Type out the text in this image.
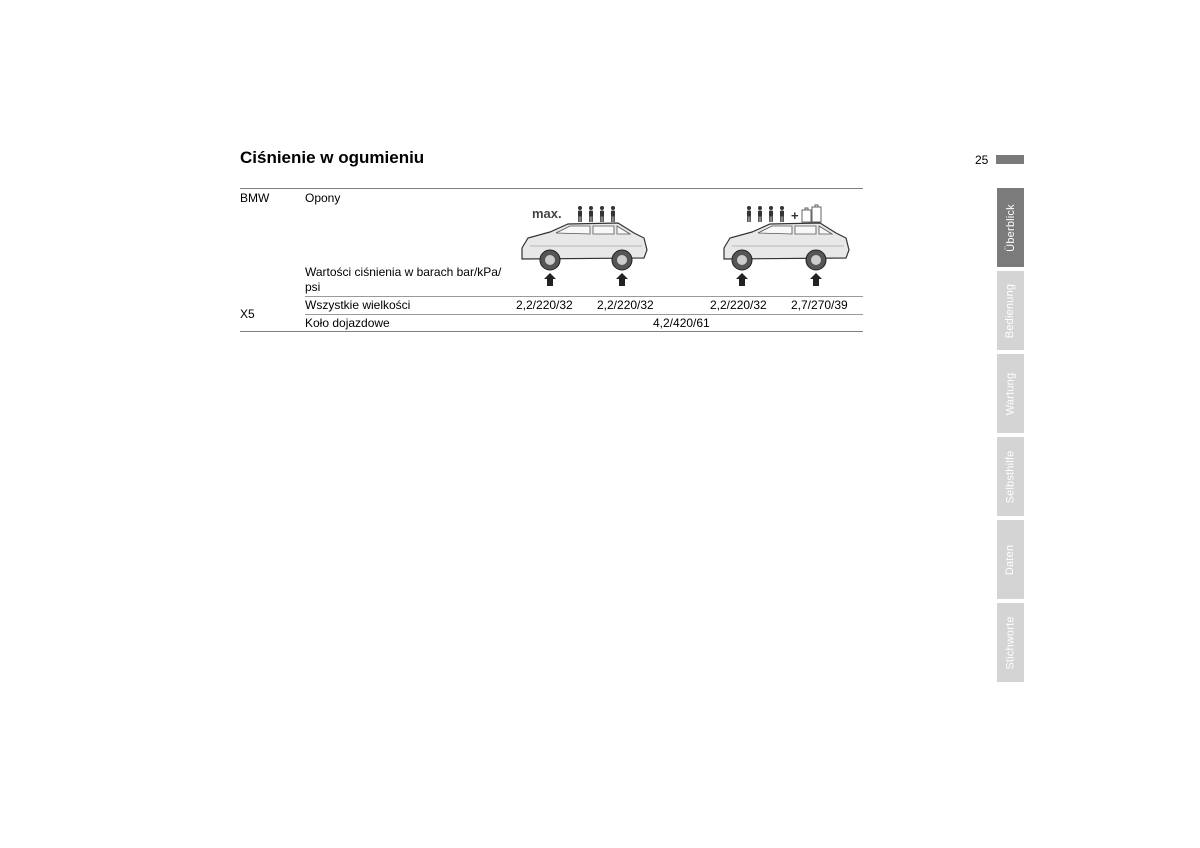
Ciśnienie w ogumieniu	25
BMW	Opony
Wartości ciśnienia w barach bar/kPa/
psi
max.	+
X5
Wszystkie wielkości	2,2/220/32 2,2/220/32	2,2/220/32 2,7/270/39
Koło dojazdowe	4,2/420/61
Überblick
Bedienung
Wartung
Selbsthilfe
Daten
Stichworte
